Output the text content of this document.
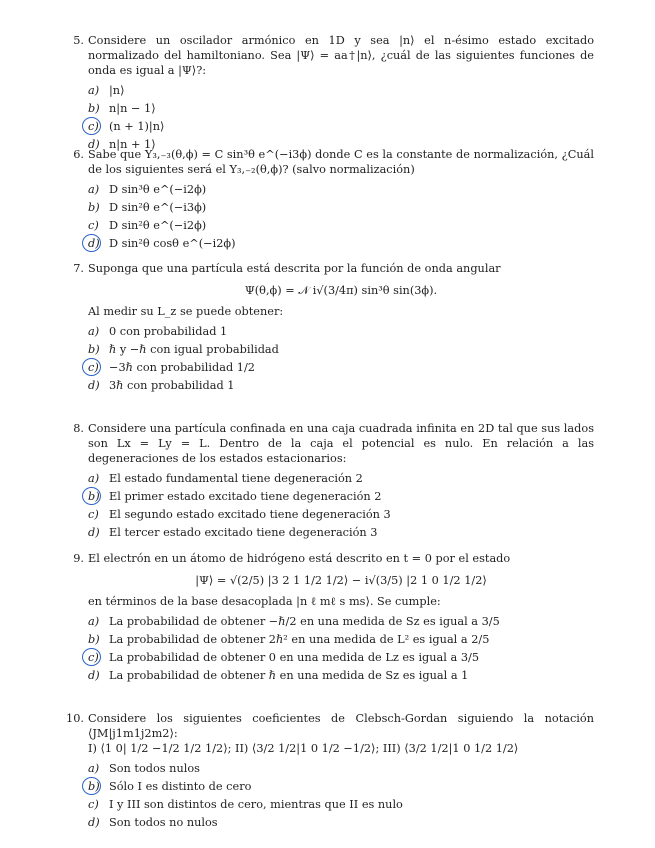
5. Considere un oscilador armónico en 1D y sea |n⟩ el n-ésimo estado excitado normalizado del hamiltoniano. Sea |Ψ⟩ = aa†|n⟩, ¿cuál de las siguientes funciones de onda es igual a |Ψ⟩?:

a) |n⟩
b) n|n − 1⟩
c) (n + 1)|n⟩
d) n|n + 1⟩
6. Sabe que Y₃,₋₃(θ,ϕ) = C sin³θ e^(−i3ϕ) donde C es la constante de normalización, ¿Cuál de los siguientes será el Y₃,₋₂(θ,ϕ)? (salvo normalización)

a) D sin³θ e^(−i2ϕ)
b) D sin²θ e^(−i3ϕ)
c) D sin²θ e^(−i2ϕ)
d) D sin²θ cosθ e^(−i2ϕ)
7. Suponga que una partícula está descrita por la función de onda angular

Ψ(θ,ϕ) = 𝒩 i√(3/4π) sin³θ sin(3ϕ).

Al medir su L_z se puede obtener:

a) 0 con probabilidad 1
b) ℏ y −ℏ con igual probabilidad
c) −3ℏ con probabilidad 1/2
d) 3ℏ con probabilidad 1
8. Considere una partícula confinada en una caja cuadrada infinita en 2D tal que sus lados son Lx = Ly = L. Dentro de la caja el potencial es nulo. En relación a las degeneraciones de los estados estacionarios:

a) El estado fundamental tiene degeneración 2
b) El primer estado excitado tiene degeneración 2
c) El segundo estado excitado tiene degeneración 3
d) El tercer estado excitado tiene degeneración 3
9. El electrón en un átomo de hidrógeno está descrito en t = 0 por el estado

|Ψ⟩ = √(2/5) |3 2 1 1/2 1/2⟩ − i√(3/5) |2 1 0 1/2 1/2⟩

en términos de la base desacoplada |n ℓ mℓ s ms⟩. Se cumple:

a) La probabilidad de obtener −ℏ/2 en una medida de Sz es igual a 3/5
b) La probabilidad de obtener 2ℏ² en una medida de L² es igual a 2/5
c) La probabilidad de obtener 0 en una medida de Lz es igual a 3/5
d) La probabilidad de obtener ℏ en una medida de Sz es igual a 1
10. Considere los siguientes coeficientes de Clebsch-Gordan siguiendo la notación ⟨JM|j1m1j2m2⟩:

I) ⟨1 0| 1/2 −1/2 1/2 1/2⟩; II) ⟨3/2 1/2|1 0 1/2 −1/2⟩; III) ⟨3/2 1/2|1 0 1/2 1/2⟩

a) Son todos nulos
b) Sólo I es distinto de cero
c) I y III son distintos de cero, mientras que II es nulo
d) Son todos no nulos
